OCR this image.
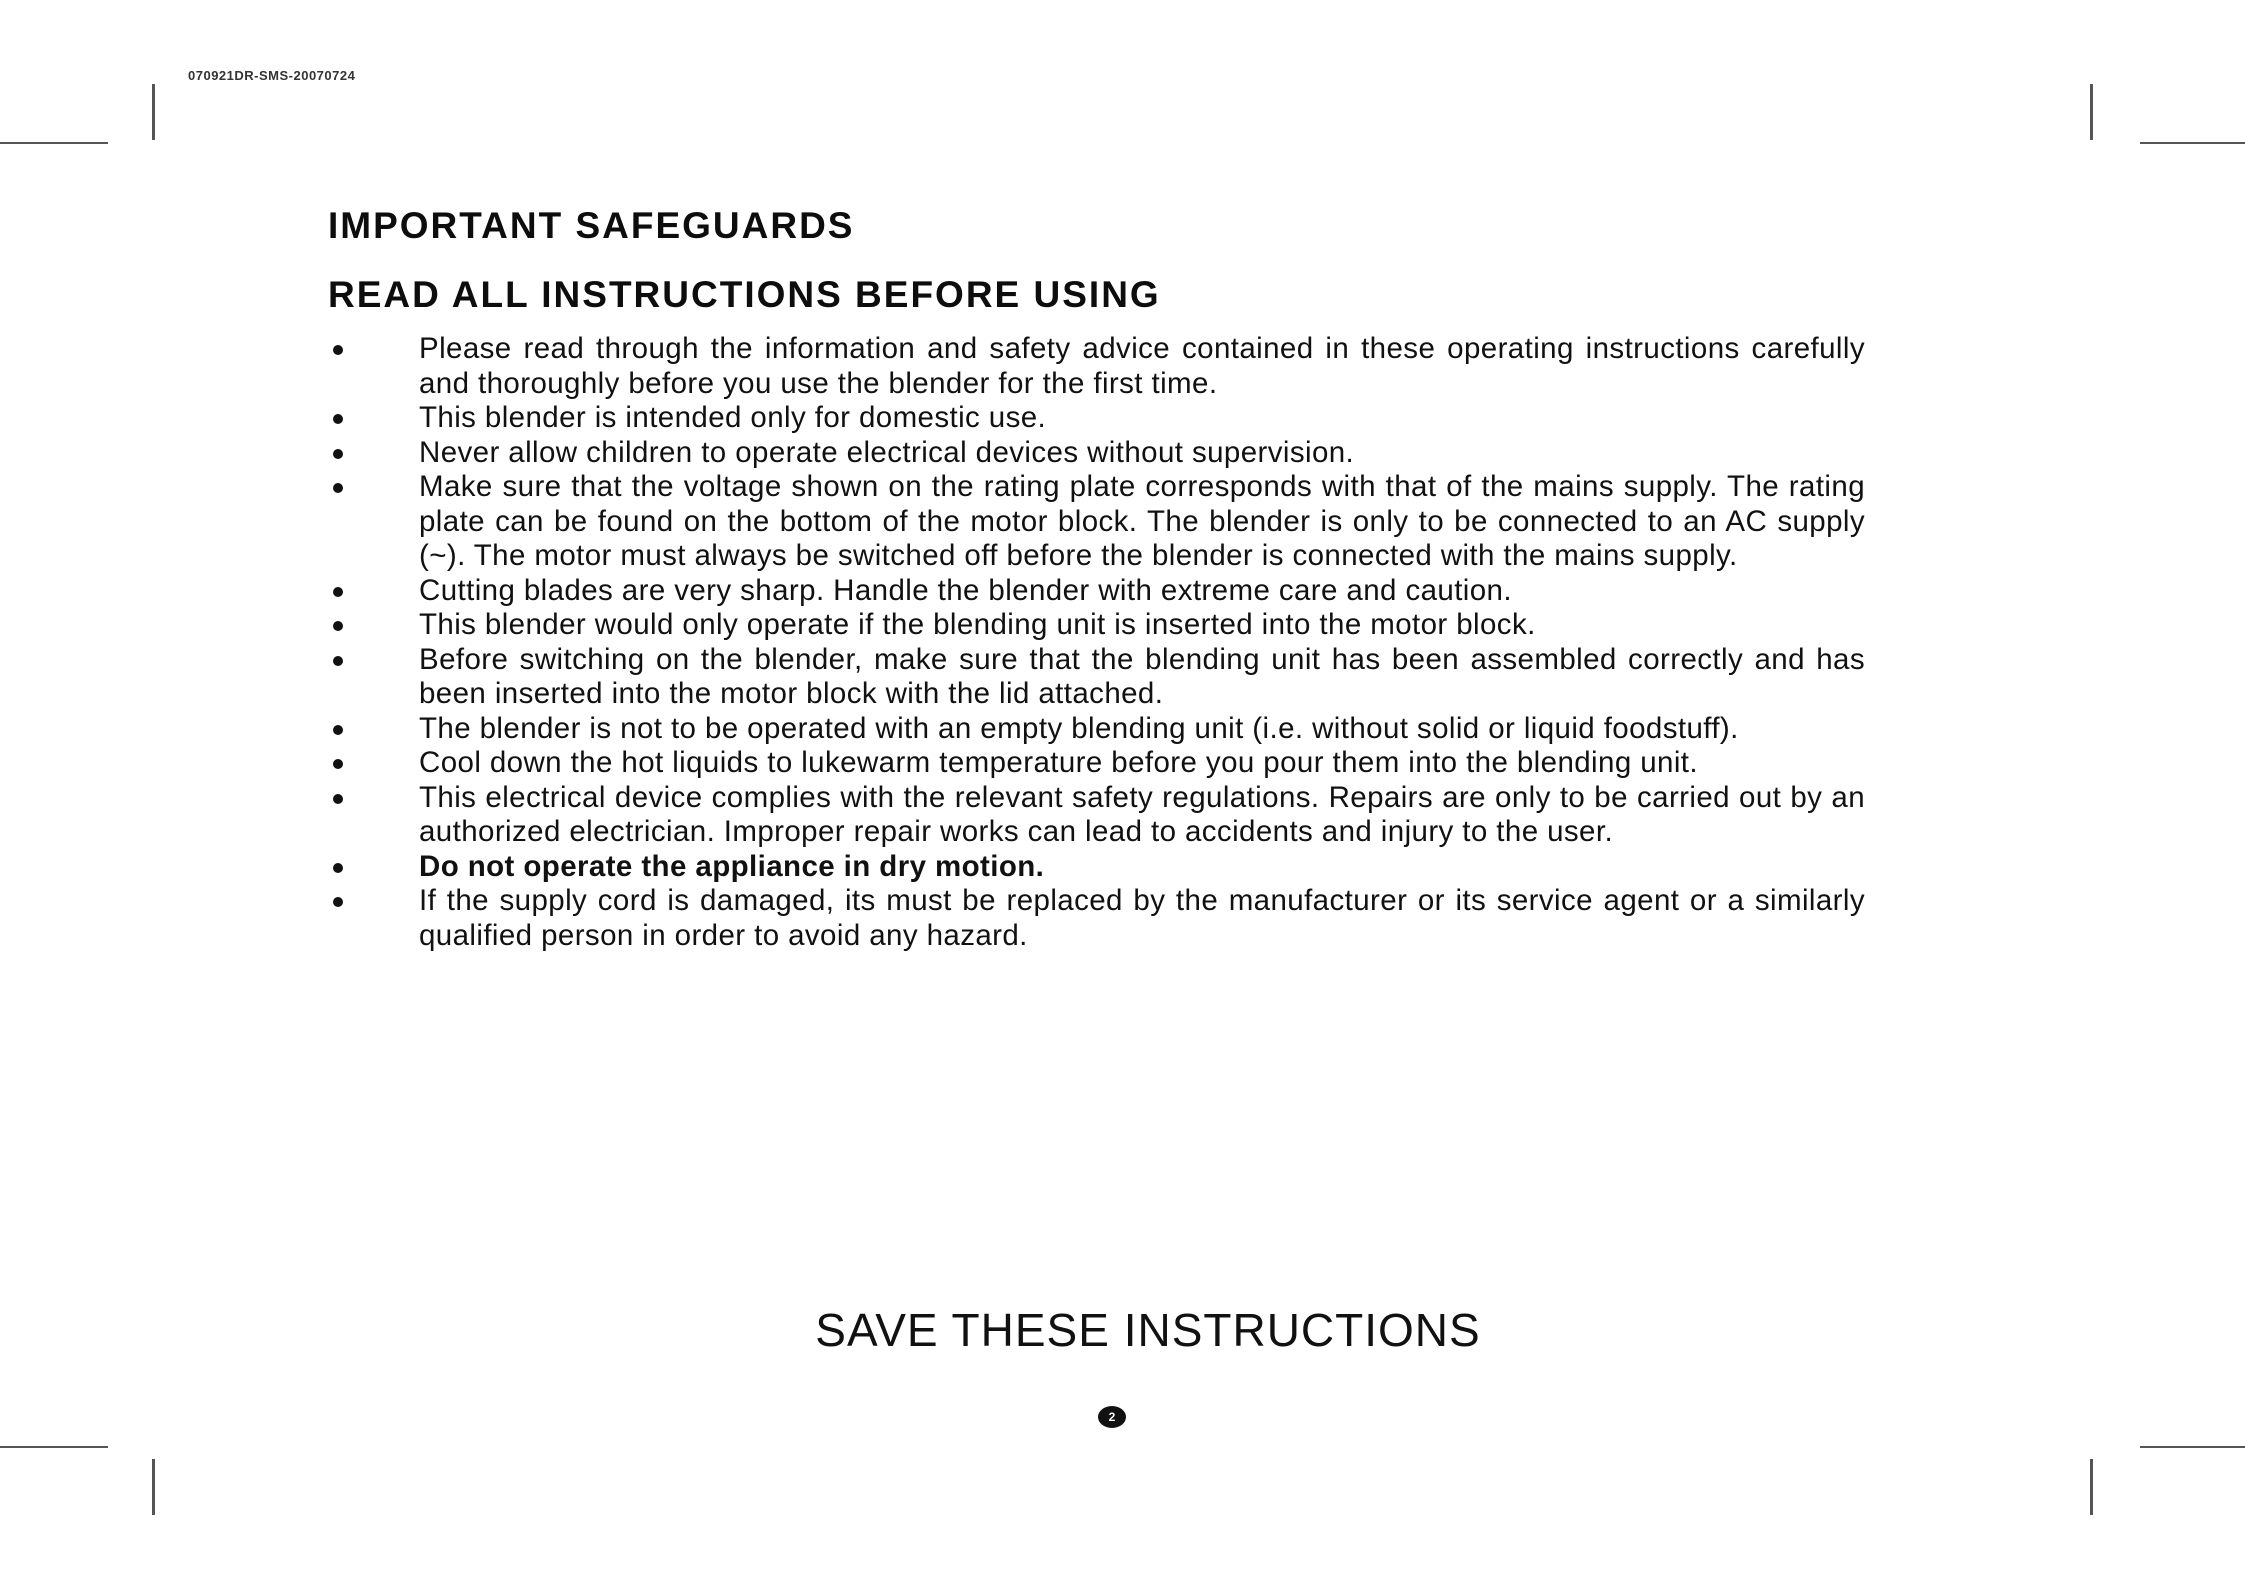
070921DR-SMS-20070724
IMPORTANT SAFEGUARDS
READ ALL INSTRUCTIONS BEFORE USING
Please read through the information and safety advice contained in these operating instructions carefully and thoroughly before you use the blender for the first time.
This blender is intended only for domestic use.
Never allow children to operate electrical devices without supervision.
Make sure that the voltage shown on the rating plate corresponds with that of the mains supply. The rating plate can be found on the bottom of the motor block. The blender is only to be connected to an AC supply (~). The motor must always be switched off before the blender is connected with the mains supply.
Cutting blades are very sharp. Handle the blender with extreme care and caution.
This blender would only operate if the blending unit is inserted into the motor block.
Before switching on the blender, make sure that the blending unit has been assembled correctly and has been inserted into the motor block with the lid attached.
The blender is not to be operated with an empty blending unit (i.e. without solid or liquid foodstuff).
Cool down the hot liquids to lukewarm temperature before you pour them into the blending unit.
This electrical device complies with the relevant safety regulations. Repairs are only to be carried out by an authorized electrician. Improper repair works can lead to accidents and injury to the user.
Do not operate the appliance in dry motion.
If the supply cord is damaged, its must be replaced by the manufacturer or its service agent or a similarly qualified person in order to avoid any hazard.
SAVE THESE INSTRUCTIONS
2
